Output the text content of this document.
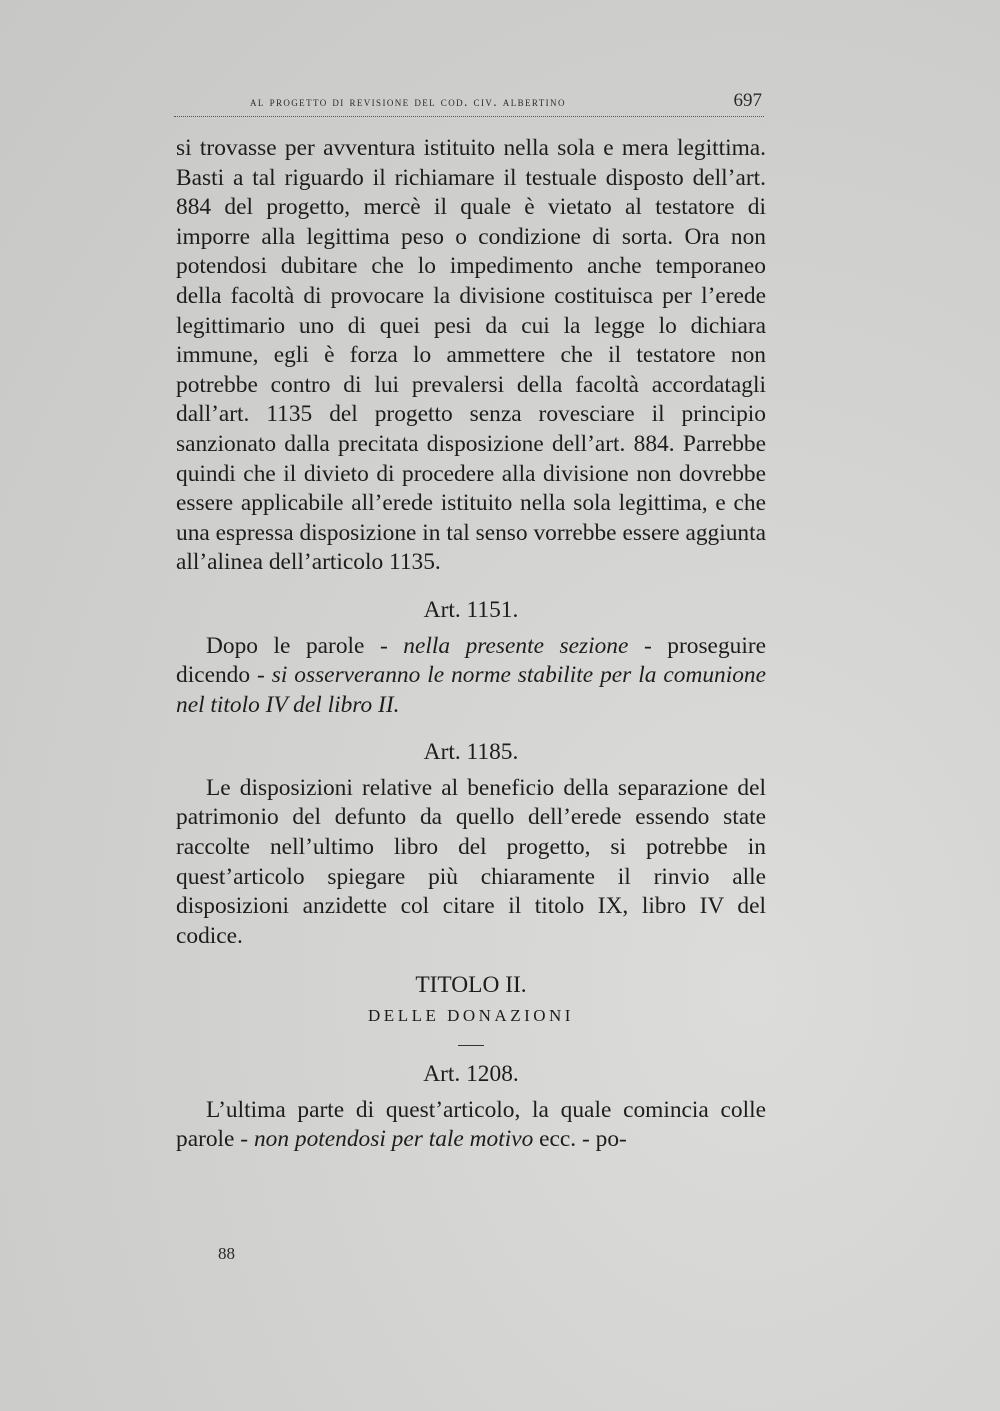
al progetto di revisione del cod. civ. albertino	697

si trovasse per avventura istituito nella sola e mera legittima. Basti a tal riguardo il richiamare il testuale disposto dell’art. 884 del progetto, mercè il quale è vietato al testatore di imporre alla legittima peso o condizione di sorta. Ora non potendosi dubitare che lo impedimento anche temporaneo della facoltà di provocare la divisione costituisca per l’erede legittimario uno di quei pesi da cui la legge lo dichiara immune, egli è forza lo ammettere che il testatore non potrebbe contro di lui prevalersi della facoltà accordatagli dall’art. 1135 del progetto senza rovesciare il principio sanzionato dalla precitata disposizione dell’art. 884. Parrebbe quindi che il divieto di procedere alla divisione non dovrebbe essere applicabile all’erede istituito nella sola legittima, e che una espressa disposizione in tal senso vorrebbe essere aggiunta all’alinea dell’articolo 1135.

Art. 1151.

Dopo le parole - nella presente sezione - proseguire dicendo - si osserveranno le norme stabilite per la comunione nel titolo IV del libro II.

Art. 1185.

Le disposizioni relative al beneficio della separazione del patrimonio del defunto da quello dell’erede essendo state raccolte nell’ultimo libro del progetto, si potrebbe in quest’articolo spiegare più chiaramente il rinvio alle disposizioni anzidette col citare il titolo IX, libro IV del codice.

TITOLO II.
DELLE DONAZIONI
Art. 1208.

L’ultima parte di quest’articolo, la quale comincia colle parole - non potendosi per tale motivo ecc. - po-

88
